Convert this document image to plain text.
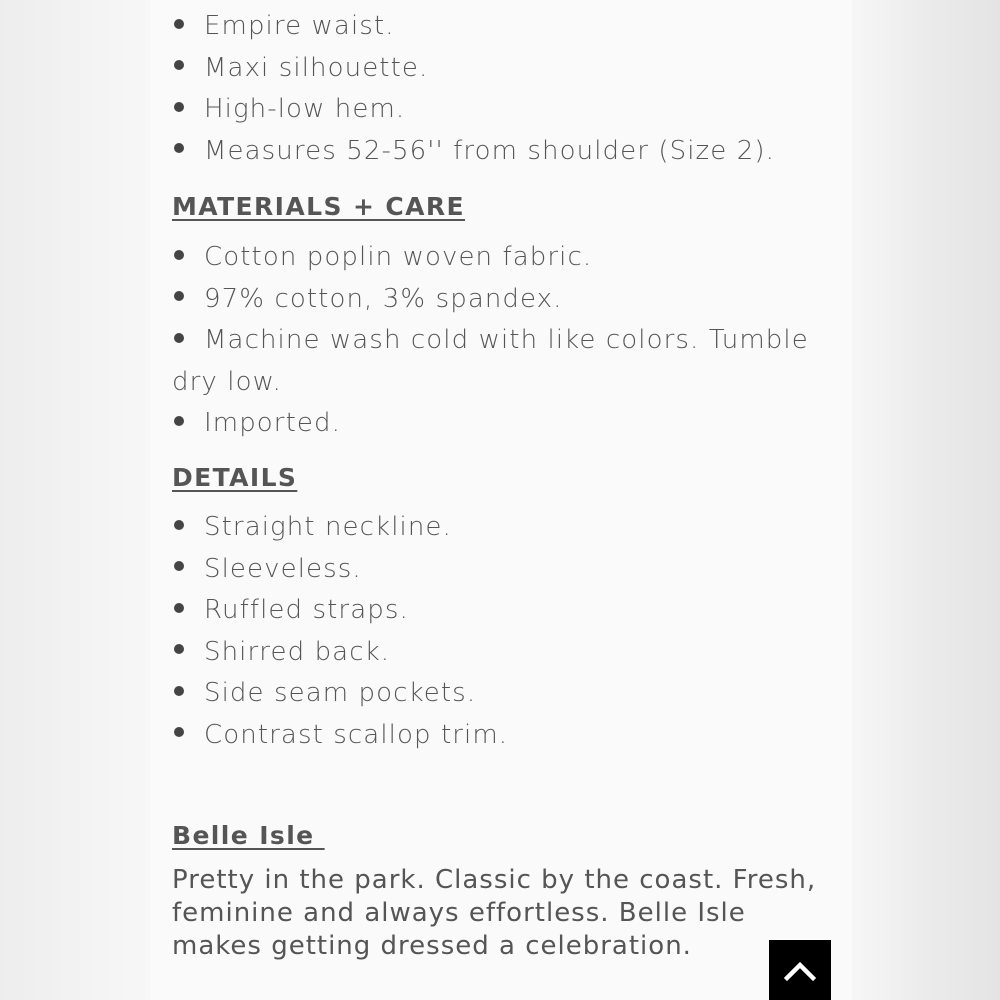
Empire waist.
Maxi silhouette.
High-low hem.
Measures 52-56'' from shoulder (Size 2).
MATERIALS + CARE
Cotton poplin woven fabric.
97% cotton, 3% spandex.
Machine wash cold with like colors. Tumble dry low.
Imported.
DETAILS
Straight neckline.
Sleeveless.
Ruffled straps.
Shirred back.
Side seam pockets.
Contrast scallop trim.
Belle Isle

Pretty in the park. Classic by the coast. Fresh, feminine and always effortless. Belle Isle makes getting dressed a celebration.
